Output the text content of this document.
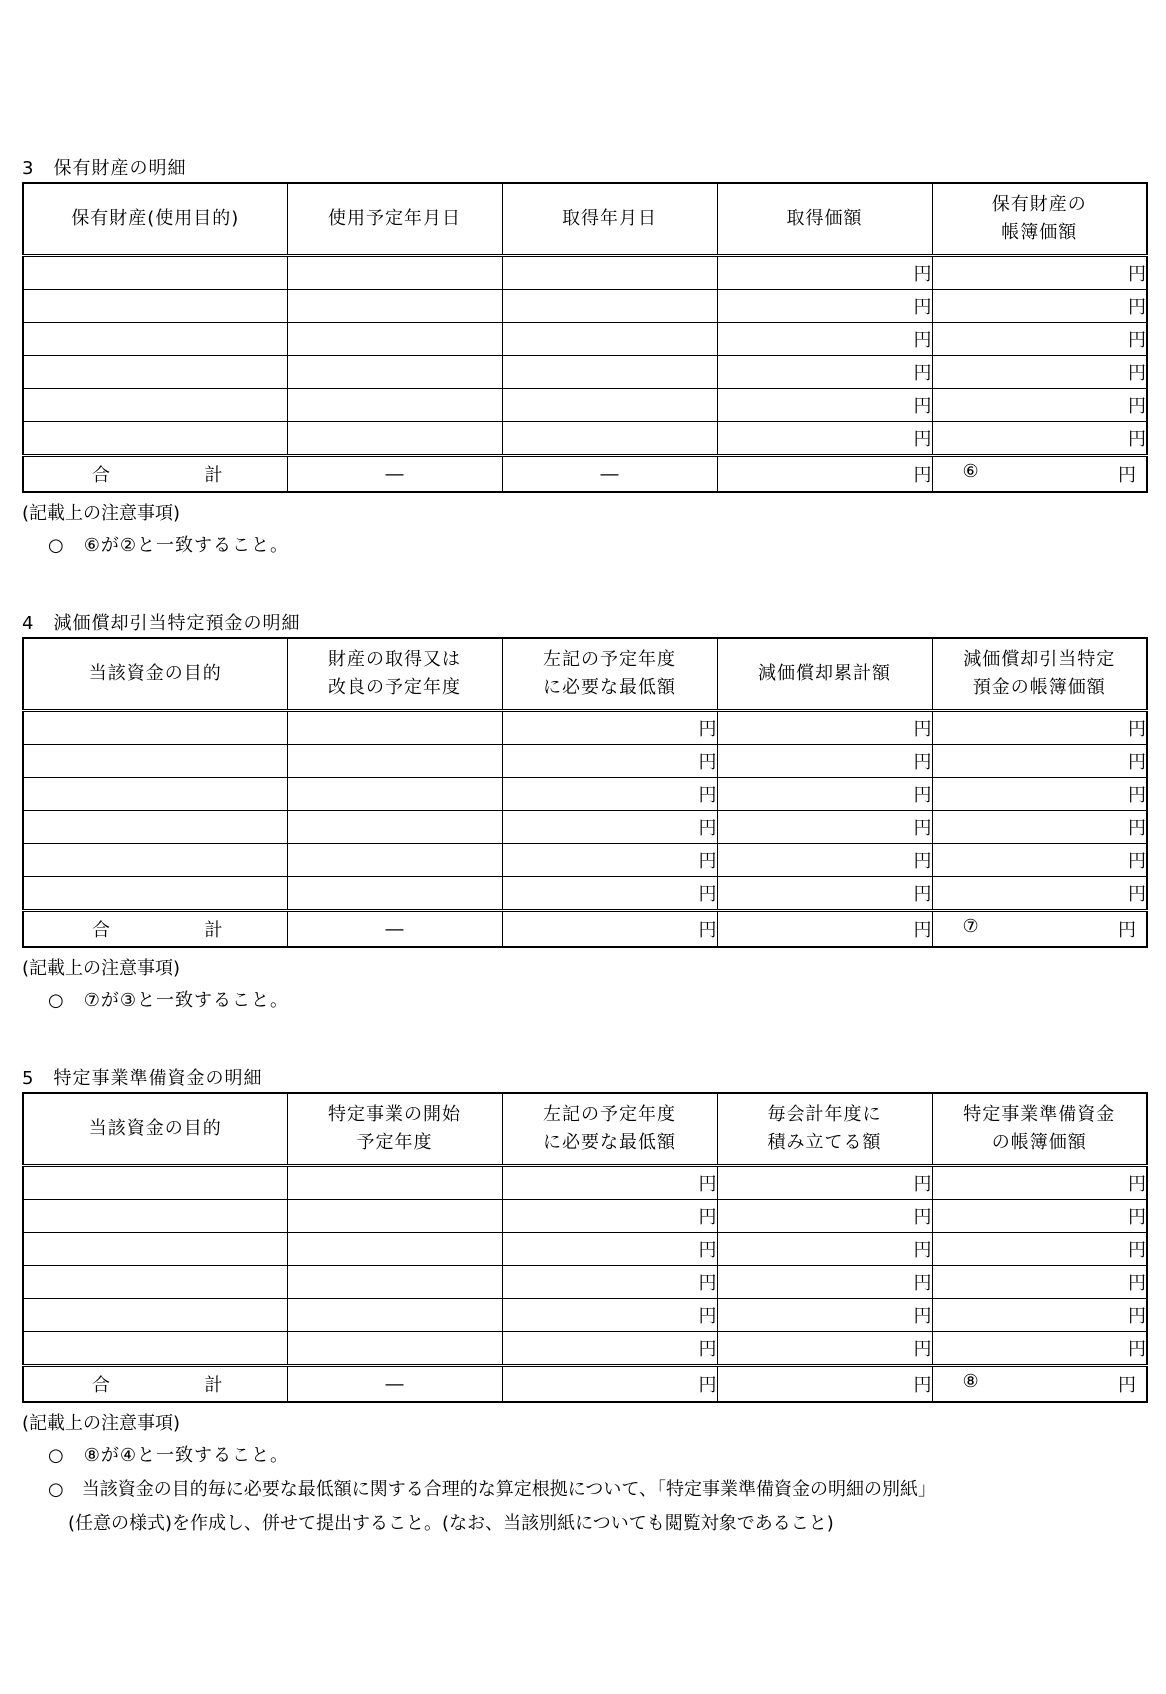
3　保有財産の明細
保有財産(使用目的)	使用予定年月日	取得年月日	取得価額	保有財産の
帳簿価額
			円	円
			円	円
			円	円
			円	円
			円	円
			円	円

合 計	―	―	円	⑥ 円
(記載上の注意事項)
○　⑥が②と一致すること。
4　減価償却引当特定預金の明細
当該資金の目的	財産の取得又は
改良の予定年度	左記の予定年度
に必要な最低額	減価償却累計額	減価償却引当特定
預金の帳簿価額
		円	円	円
		円	円	円
		円	円	円
		円	円	円
		円	円	円
		円	円	円

合 計	―	円	円	⑦ 円
(記載上の注意事項)
○　⑦が③と一致すること。
5　特定事業準備資金の明細
当該資金の目的	特定事業の開始
予定年度	左記の予定年度
に必要な最低額	毎会計年度に
積み立てる額	特定事業準備資金
の帳簿価額
		円	円	円
		円	円	円
		円	円	円
		円	円	円
		円	円	円
		円	円	円

合 計	―	円	円	⑧ 円
(記載上の注意事項)
○　⑧が④と一致すること。
○　当該資金の目的毎に必要な最低額に関する合理的な算定根拠について、「特定事業準備資金の明細の別紙」
(任意の様式)を作成し、併せて提出すること。(なお、当該別紙についても閲覧対象であること)
